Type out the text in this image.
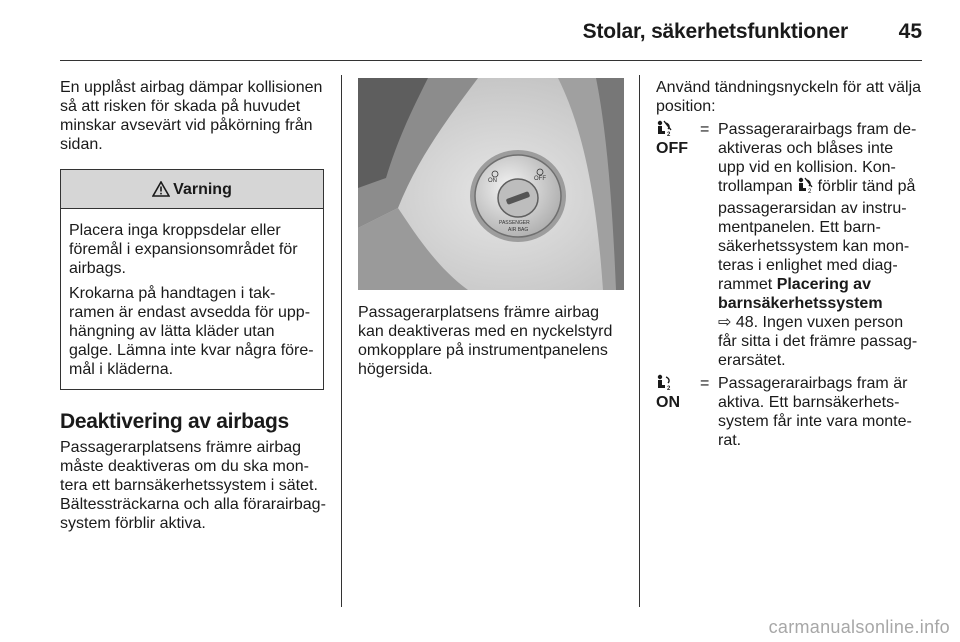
Stolar, säkerhetsfunktioner 45

En upplåst airbag dämpar kollisionen så att risken för skada på huvudet minskar avsevärt vid påkörning från sidan.

Varning

Placera inga kroppsdelar eller föremål i expansionsområdet för airbags.

Krokarna på handtagen i tak-ramen är endast avsedda för upp-hängning av lätta kläder utan galge. Lämna inte kvar några före-mål i kläderna.

Deaktivering av airbags

Passagerarplatsens främre airbag måste deaktiveras om du ska mon-tera ett barnsäkerhetssystem i sätet. Bältessträckarna och alla förarairbag-system förblir aktiva.

ON	OFF
PASSENGER
AIR BAG

Passagerarplatsens främre airbag kan deaktiveras med en nyckelstyrd omkopplare på instrumentpanelens högersida.

Använd tändningsnyckeln för att välja position:

2
OFF
= Passagerarairbags fram de-aktiveras och blåses inte upp vid en kollision. Kon-trollampan	2 förblir tänd på passagerarsidan av instru-mentpanelen. Ett barn-säkerhetssystem kan mon-teras i enlighet med diag-rammet Placering av barnsäkerhetssystem
⇨ 48. Ingen vuxen person får sitta i det främre passag-erarsätet.
2
ON
= Passagerarairbags fram är aktiva. Ett barnsäkerhets-system får inte vara monte-rat.
carmanualsonline.info
